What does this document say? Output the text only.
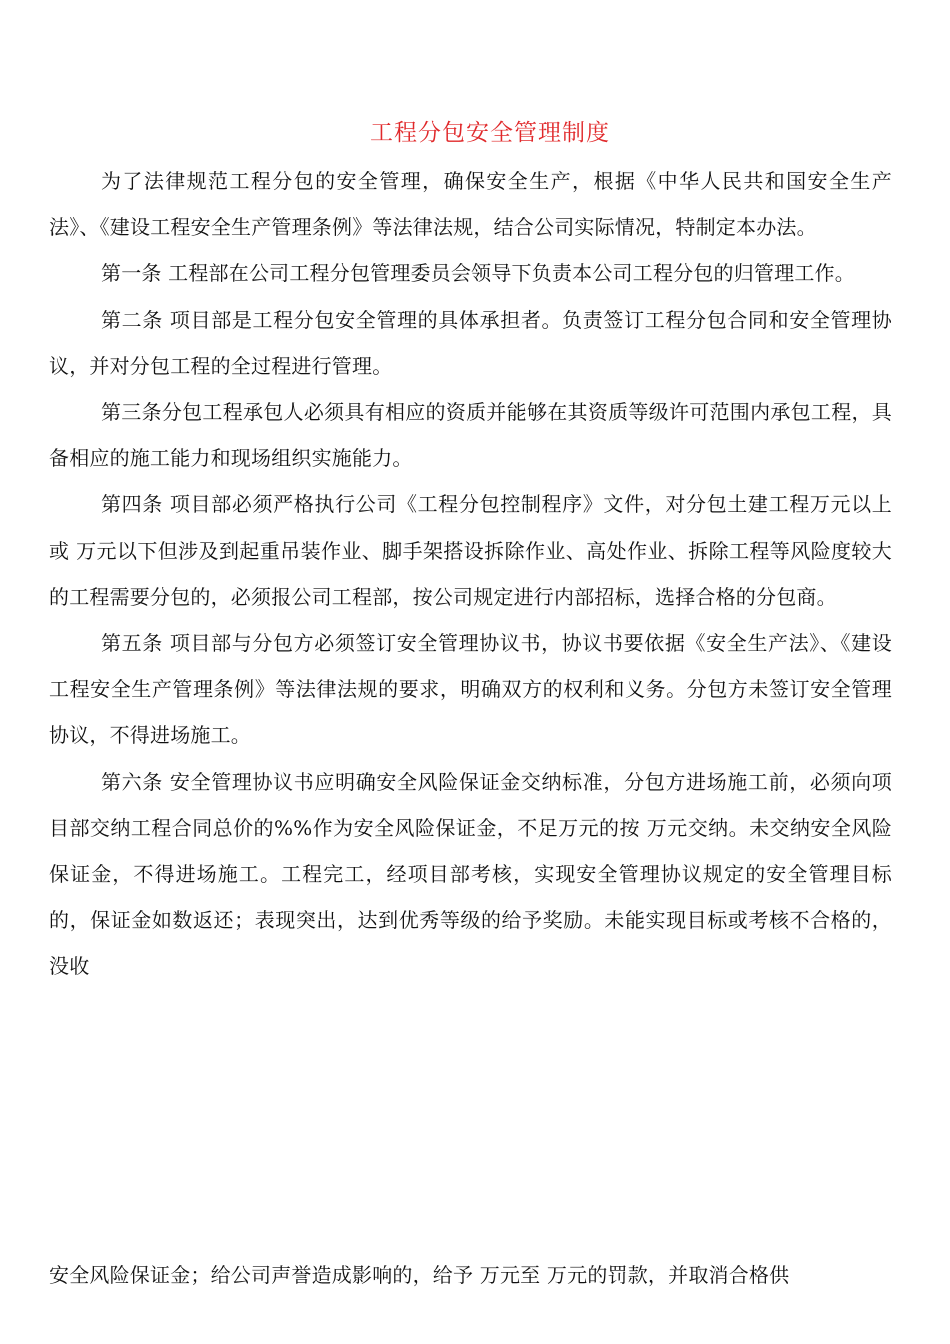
工程分包安全管理制度

为了法律规范工程分包的安全管理，确保安全生产，根据《中华人民共和国安全生产法》、《建设工程安全生产管理条例》等法律法规，结合公司实际情况，特制定本办法。

第一条 工程部在公司工程分包管理委员会领导下负责本公司工程分包的归管理工作。

第二条 项目部是工程分包安全管理的具体承担者。负责签订工程分包合同和安全管理协议，并对分包工程的全过程进行管理。

第三条分包工程承包人必须具有相应的资质并能够在其资质等级许可范围内承包工程，具备相应的施工能力和现场组织实施能力。

第四条 项目部必须严格执行公司《工程分包控制程序》文件，对分包土建工程万元以上或 万元以下但涉及到起重吊装作业、脚手架搭设拆除作业、高处作业、拆除工程等风险度较大的工程需要分包的，必须报公司工程部，按公司规定进行内部招标，选择合格的分包商。

第五条 项目部与分包方必须签订安全管理协议书，协议书要依据《安全生产法》、《建设工程安全生产管理条例》等法律法规的要求，明确双方的权利和义务。分包方未签订安全管理协议，不得进场施工。

第六条 安全管理协议书应明确安全风险保证金交纳标准，分包方进场施工前，必须向项目部交纳工程合同总价的%%作为安全风险保证金，不足万元的按 万元交纳。未交纳安全风险保证金，不得进场施工。工程完工，经项目部考核，实现安全管理协议规定的安全管理目标的，保证金如数返还；表现突出，达到优秀等级的给予奖励。未能实现目标或考核不合格的，没收

安全风险保证金；给公司声誉造成影响的，给予 万元至 万元的罚款，并取消合格供
